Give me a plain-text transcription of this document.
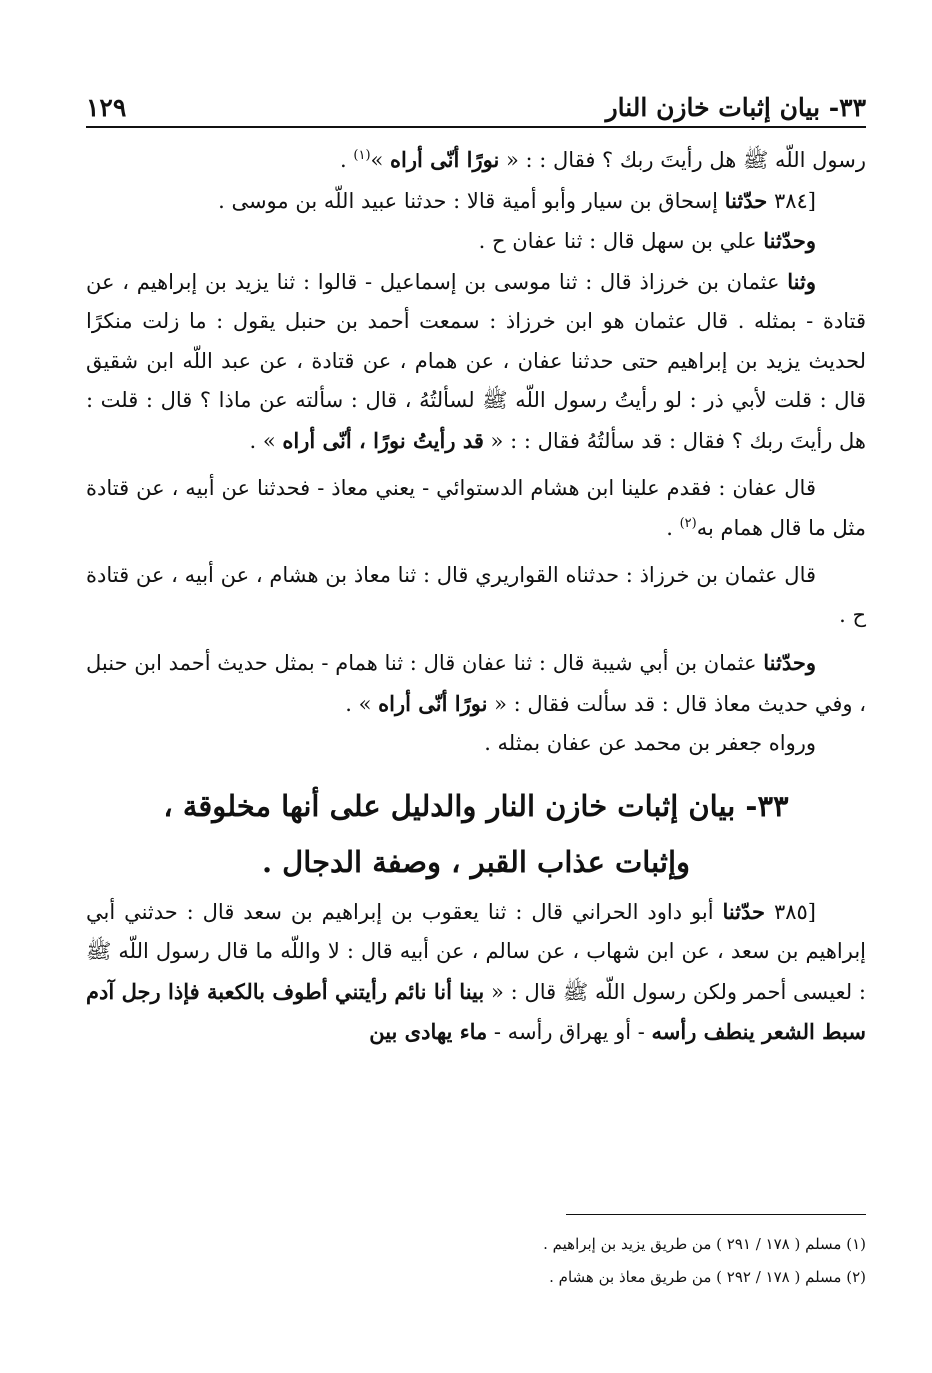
٣٣- بيان إثبات خازن النار
١٢٩

رسول اللّه ﷺ هل رأيتَ ربك ؟ فقال : : « نورًا أنّى أراه »$^{(١)}$ .

[٣٨٤ حدّثنا إسحاق بن سيار وأبو أمية قالا : حدثنا عبيد اللّه بن موسى .

وحدّثنا علي بن سهل قال : ثنا عفان ح .

وثنا عثمان بن خرزاذ قال : ثنا موسى بن إسماعيل - قالوا : ثنا يزيد بن إبراهيم ، عن قتادة - بمثله . قال عثمان هو ابن خرزاذ : سمعت أحمد بن حنبل يقول : ما زلت منكرًا لحديث يزيد بن إبراهيم حتى حدثنا عفان ، عن همام ، عن قتادة ، عن عبد اللّه ابن شقيق قال : قلت لأبي ذر : لو رأيتُ رسول اللّه ﷺ لسألتُهُ ، قال : سألته عن ماذا ؟ قال : قلت : هل رأيتَ ربك ؟ فقال : قد سألتُهُ فقال : : « قد رأيتُ نورًا ، أنّى أراه » .

قال عفان : فقدم علينا ابن هشام الدستوائي - يعني معاذ - فحدثنا عن أبيه ، عن قتادة مثل ما قال همام به$^{(٢)}$ .

قال عثمان بن خرزاذ : حدثناه القواريري قال : ثنا معاذ بن هشام ، عن أبيه ، عن قتادة ح .

وحدّثنا عثمان بن أبي شيبة قال : ثنا عفان قال : ثنا همام - بمثل حديث أحمد ابن حنبل ، وفي حديث معاذ قال : قد سألت فقال : « نورًا أنّى أراه » .

ورواه جعفر بن محمد عن عفان بمثله .

٣٣- بيان إثبات خازن النار والدليل على أنها مخلوقة ،
وإثبات عذاب القبر ، وصفة الدجال .

[٣٨٥ حدّثنا أبو داود الحراني قال : ثنا يعقوب بن إبراهيم بن سعد قال : حدثني أبي إبراهيم بن سعد ، عن ابن شهاب ، عن سالم ، عن أبيه قال : لا واللّه ما قال رسول اللّه ﷺ : لعيسى أحمر ولكن رسول اللّه ﷺ قال : « بينا أنا نائم رأيتني أطوف بالكعبة فإذا رجل آدم سبط الشعر ينطف رأسه - أو يهراق رأسه - ماء يهادى بين

(١) مسلم ( ١٧٨ / ٢٩١ ) من طريق يزيد بن إبراهيم .

(٢) مسلم ( ١٧٨ / ٢٩٢ ) من طريق معاذ بن هشام .
